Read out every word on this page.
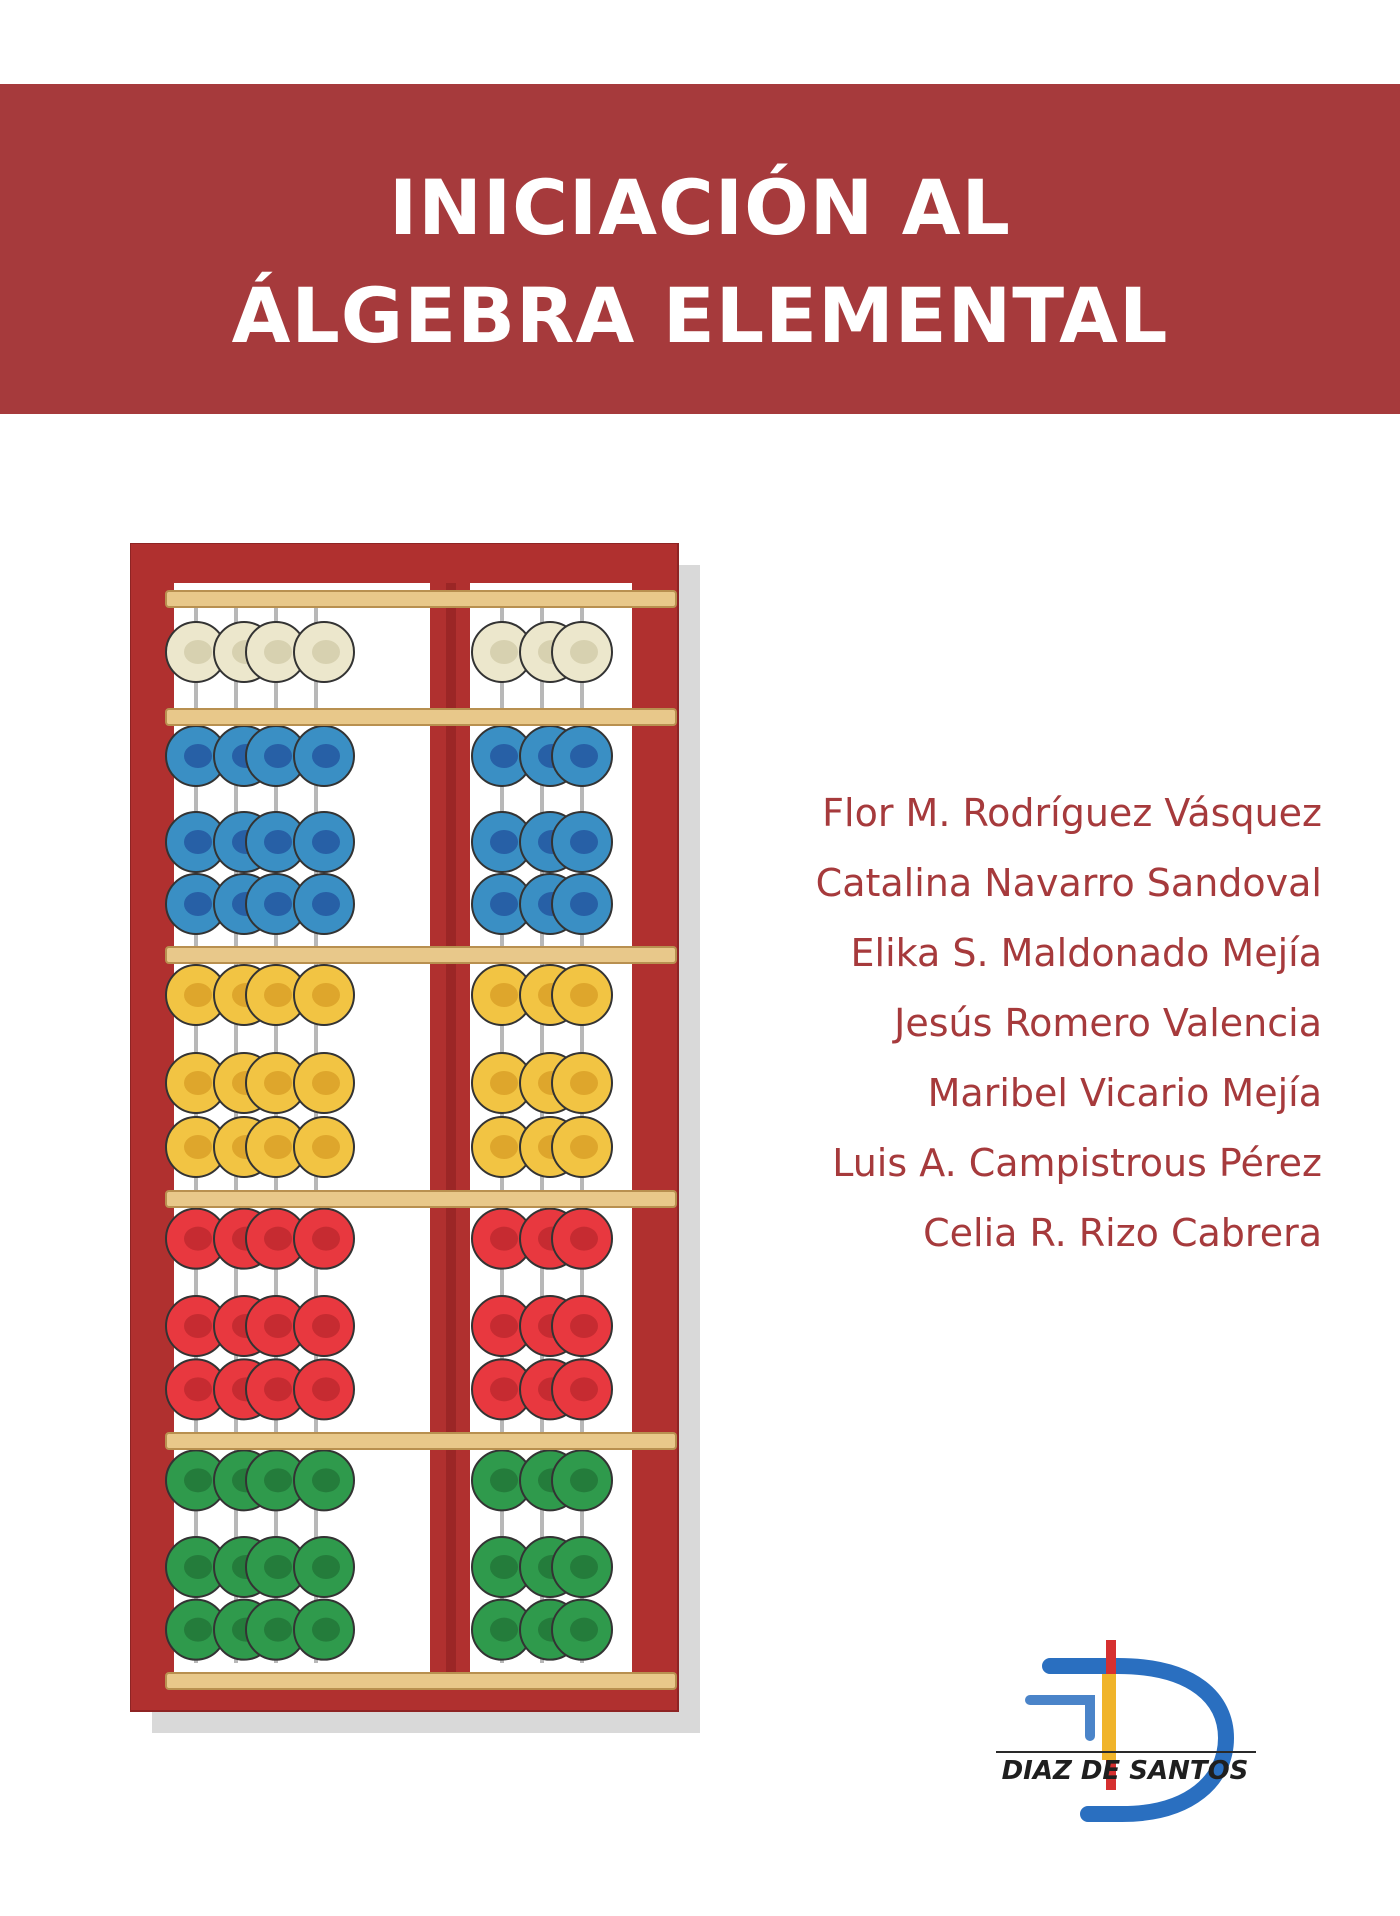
INICIACIÓN AL
ÁLGEBRA ELEMENTAL
Flor M. Rodríguez Vásquez
Catalina Navarro Sandoval
Elika S. Maldonado Mejía
Jesús Romero Valencia
Maribel Vicario Mejía
Luis A. Campistrous Pérez
Celia R. Rizo Cabrera
DIAZ DE SANTOS
